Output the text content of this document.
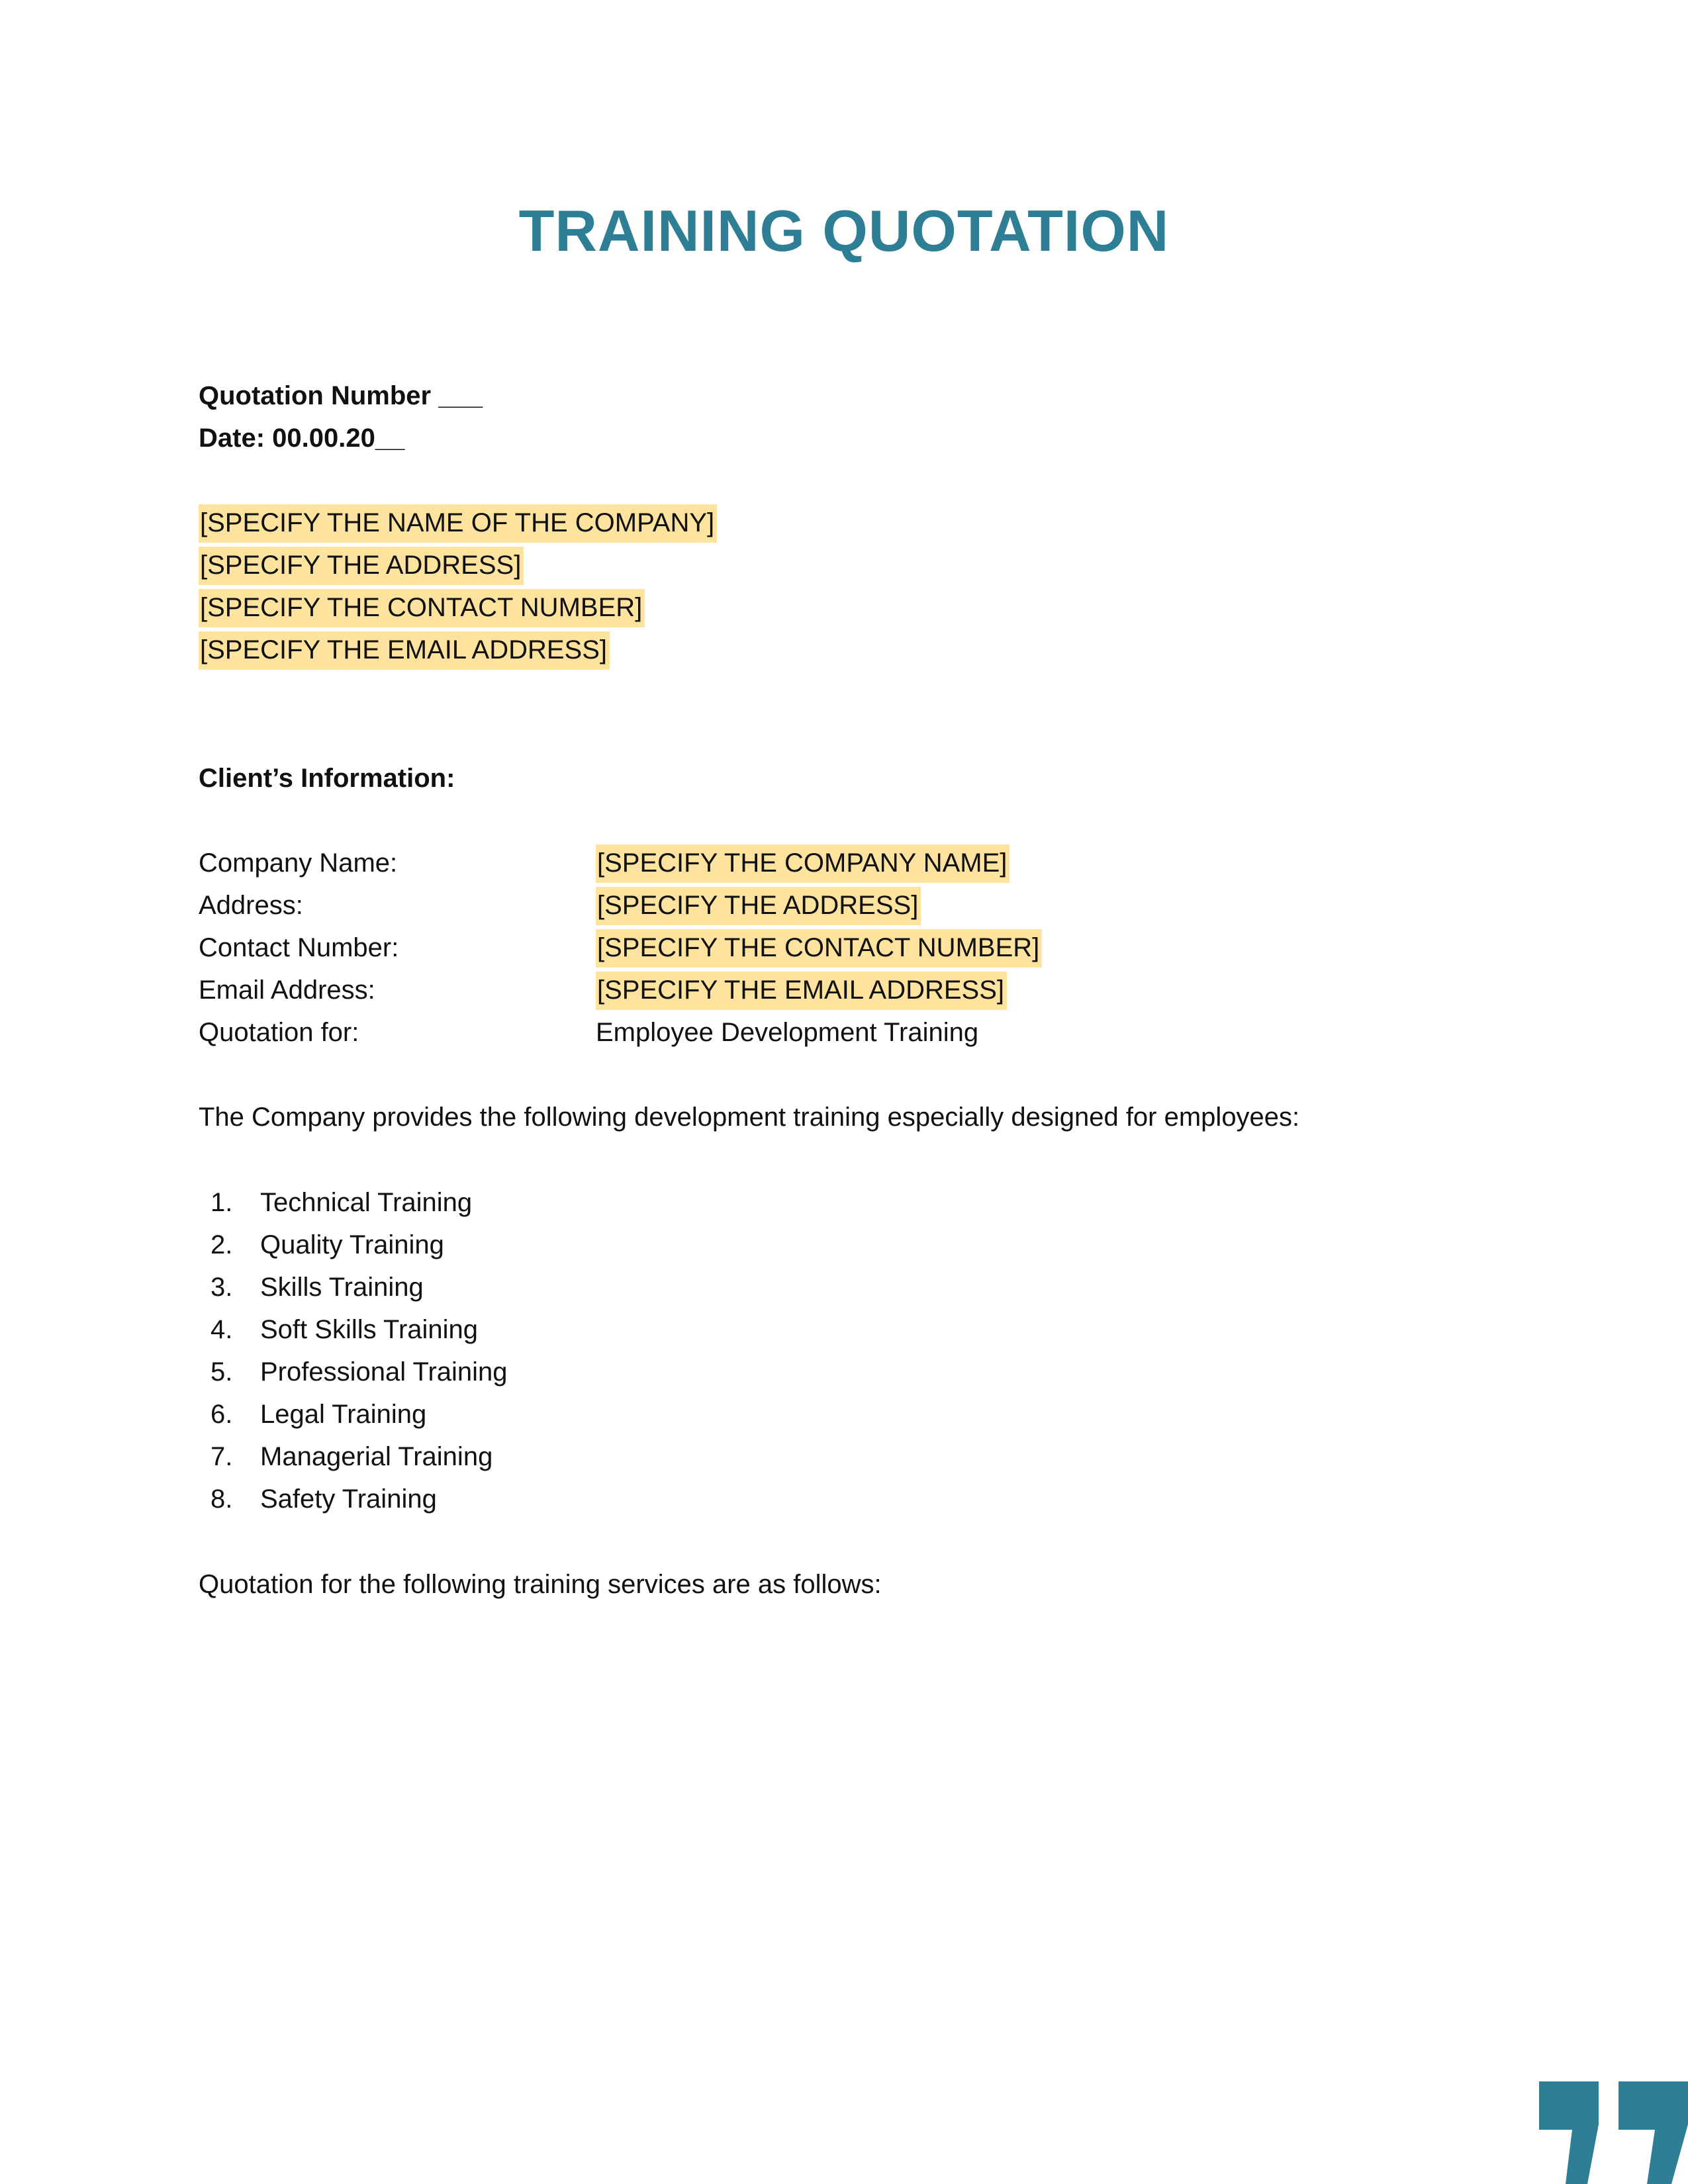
TRAINING QUOTATION
Quotation Number ___
Date: 00.00.20__
[SPECIFY THE NAME OF THE COMPANY]
[SPECIFY THE ADDRESS]
[SPECIFY THE CONTACT NUMBER]
[SPECIFY THE EMAIL ADDRESS]
Client’s Information:
Company Name:	[SPECIFY THE COMPANY NAME]
Address:	[SPECIFY THE ADDRESS]
Contact Number:	[SPECIFY THE CONTACT NUMBER]
Email Address:	[SPECIFY THE EMAIL ADDRESS]
Quotation for:	Employee Development Training
The Company provides the following development training especially designed for employees:
1. Technical Training
2. Quality Training
3. Skills Training
4. Soft Skills Training
5. Professional Training
6. Legal Training
7. Managerial Training
8. Safety Training
Quotation for the following training services are as follows:
